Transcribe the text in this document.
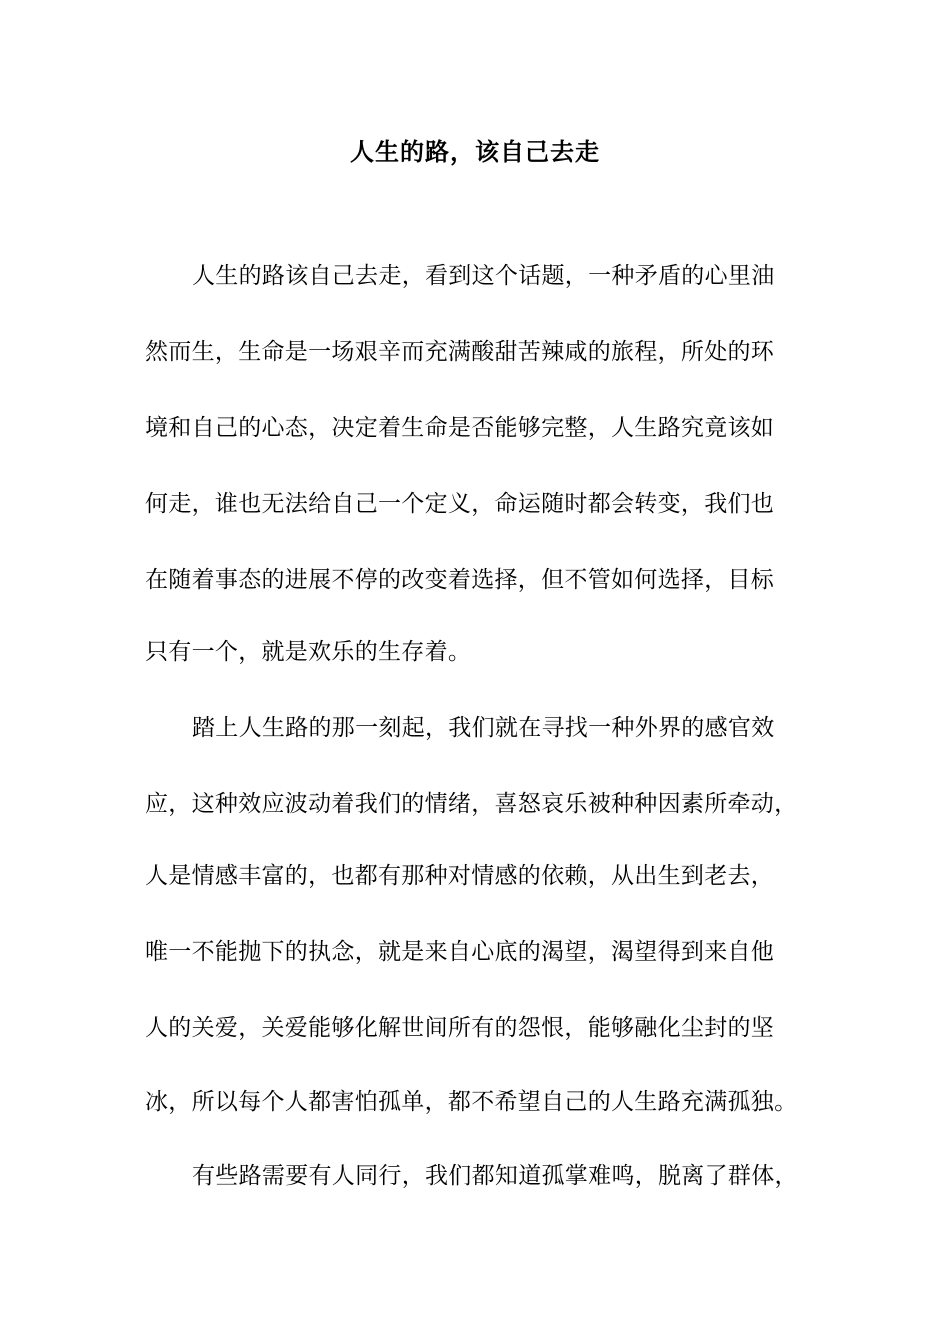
人生的路，该自己去走
人生的路该自己去走，看到这个话题，一种矛盾的心里油
然而生，生命是一场艰辛而充满酸甜苦辣咸的旅程，所处的环
境和自己的心态，决定着生命是否能够完整，人生路究竟该如
何走，谁也无法给自己一个定义，命运随时都会转变，我们也
在随着事态的进展不停的改变着选择，但不管如何选择，目标
只有一个，就是欢乐的生存着。
踏上人生路的那一刻起，我们就在寻找一种外界的感官效
应，这种效应波动着我们的情绪，喜怒哀乐被种种因素所牵动，
人是情感丰富的，也都有那种对情感的依赖，从出生到老去，
唯一不能抛下的执念，就是来自心底的渴望，渴望得到来自他
人的关爱，关爱能够化解世间所有的怨恨，能够融化尘封的坚
冰，所以每个人都害怕孤单，都不希望自己的人生路充满孤独。
有些路需要有人同行，我们都知道孤掌难鸣，脱离了群体，
